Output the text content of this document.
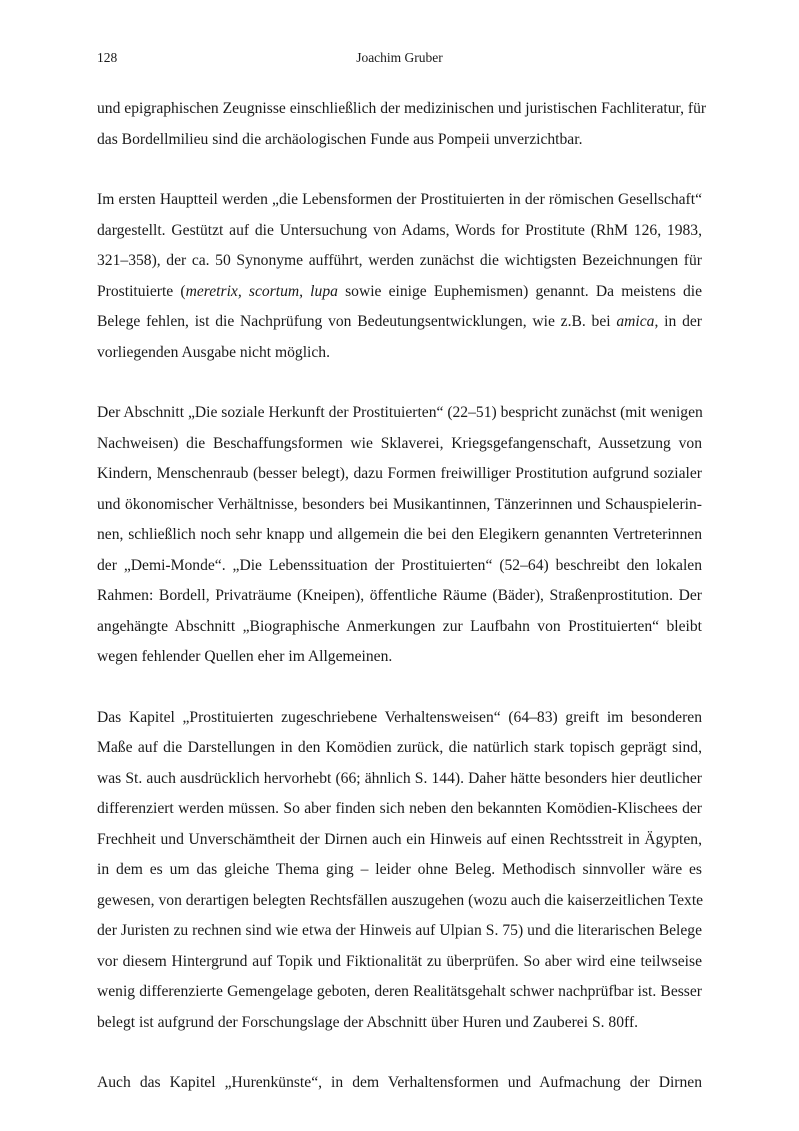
128	Joachim Gruber

und epigraphischen Zeugnisse einschließlich der medizinischen und juristischen Fachliteratur, für
das Bordellmilieu sind die archäologischen Funde aus Pompeii unverzichtbar.

Im ersten Hauptteil werden „die Lebensformen der Prostituierten in der römischen Gesellschaft“
dargestellt. Gestützt auf die Untersuchung von Adams, Words for Prostitute (RhM 126, 1983,
321–358), der ca. 50 Synonyme aufführt, werden zunächst die wichtigsten Bezeichnungen für
Prostituierte (meretrix, scortum, lupa sowie einige Euphemismen) genannt. Da meistens die
Belege fehlen, ist die Nachprüfung von Bedeutungsentwicklungen, wie z.B. bei amica, in der
vorliegenden Ausgabe nicht möglich.

Der Abschnitt „Die soziale Herkunft der Prostituierten“ (22–51) bespricht zunächst (mit wenigen
Nachweisen) die Beschaffungsformen wie Sklaverei, Kriegsgefangenschaft, Aussetzung von
Kindern, Menschenraub (besser belegt), dazu Formen freiwilliger Prostitution aufgrund sozialer
und ökonomischer Verhältnisse, besonders bei Musikantinnen, Tänzerinnen und Schauspielerin-
nen, schließlich noch sehr knapp und allgemein die bei den Elegikern genannten Vertreterinnen
der „Demi-Monde“. „Die Lebenssituation der Prostituierten“ (52–64) beschreibt den lokalen
Rahmen: Bordell, Privaträume (Kneipen), öffentliche Räume (Bäder), Straßenprostitution. Der
angehängte Abschnitt „Biographische Anmerkungen zur Laufbahn von Prostituierten“ bleibt
wegen fehlender Quellen eher im Allgemeinen.

Das Kapitel „Prostituierten zugeschriebene Verhaltensweisen“ (64–83) greift im besonderen
Maße auf die Darstellungen in den Komödien zurück, die natürlich stark topisch geprägt sind,
was St. auch ausdrücklich hervorhebt (66; ähnlich S. 144). Daher hätte besonders hier deutlicher
differenziert werden müssen. So aber finden sich neben den bekannten Komödien-Klischees der
Frechheit und Unverschämtheit der Dirnen auch ein Hinweis auf einen Rechtsstreit in Ägypten,
in dem es um das gleiche Thema ging – leider ohne Beleg. Methodisch sinnvoller wäre es
gewesen, von derartigen belegten Rechtsfällen auszugehen (wozu auch die kaiserzeitlichen Texte
der Juristen zu rechnen sind wie etwa der Hinweis auf Ulpian S. 75) und die literarischen Belege
vor diesem Hintergrund auf Topik und Fiktionalität zu überprüfen. So aber wird eine teilwseise
wenig differenzierte Gemengelage geboten, deren Realitätsgehalt schwer nachprüfbar ist. Besser
belegt ist aufgrund der Forschungslage der Abschnitt über Huren und Zauberei S. 80ff.

Auch das Kapitel „Hurenkünste“, in dem Verhaltensformen und Aufmachung der Dirnen
